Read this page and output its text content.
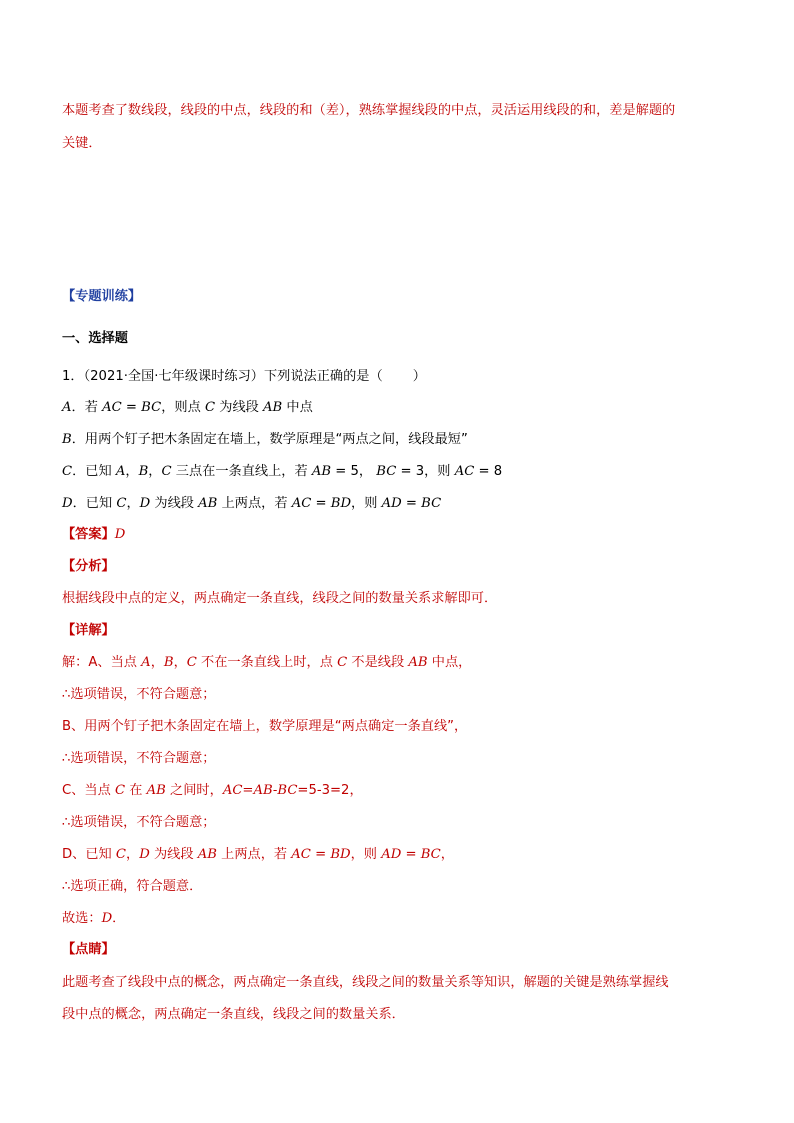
本题考查了数线段，线段的中点，线段的和（差），熟练掌握线段的中点，灵活运用线段的和，差是解题的
关键．
【专题训练】
一、选择题
1．（2021·全国·七年级课时练习）下列说法正确的是（ ）
A．若 AC = BC，则点 C 为线段 AB 中点
B．用两个钉子把木条固定在墙上，数学原理是“两点之间，线段最短”
C．已知 A，B，C 三点在一条直线上，若 AB = 5， BC = 3，则 AC = 8
D．已知 C，D 为线段 AB 上两点，若 AC = BD，则 AD = BC
【答案】D
【分析】
根据线段中点的定义，两点确定一条直线，线段之间的数量关系求解即可．
【详解】
解：A、当点 A，B，C 不在一条直线上时，点 C 不是线段 AB 中点，
∴选项错误，不符合题意；
B、用两个钉子把木条固定在墙上，数学原理是“两点确定一条直线”，
∴选项错误，不符合题意；
C、当点 C 在 AB 之间时，AC=AB-BC=5-3=2，
∴选项错误，不符合题意；
D、已知 C，D 为线段 AB 上两点，若 AC = BD，则 AD = BC，
∴选项正确，符合题意．
故选：D．
【点睛】
此题考查了线段中点的概念，两点确定一条直线，线段之间的数量关系等知识，解题的关键是熟练掌握线
段中点的概念，两点确定一条直线，线段之间的数量关系．
